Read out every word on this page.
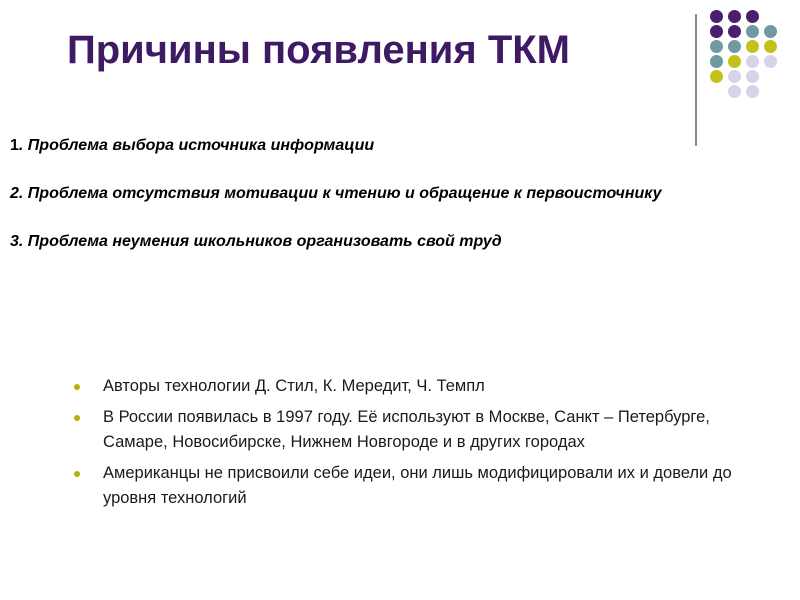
Причины появления ТКМ

1. Проблема выбора источника информации

2. Проблема отсутствия мотивации к чтению и обращение к первоисточнику

3. Проблема неумения школьников организовать свой труд

Авторы технологии Д. Стил, К. Мередит, Ч. Темпл
В России появилась в 1997 году. Её используют в Москве, Санкт – Петербурге, Самаре, Новосибирске, Нижнем Новгороде и в других городах
Американцы не присвоили себе идеи, они лишь модифицировали их и довели до уровня технологий
